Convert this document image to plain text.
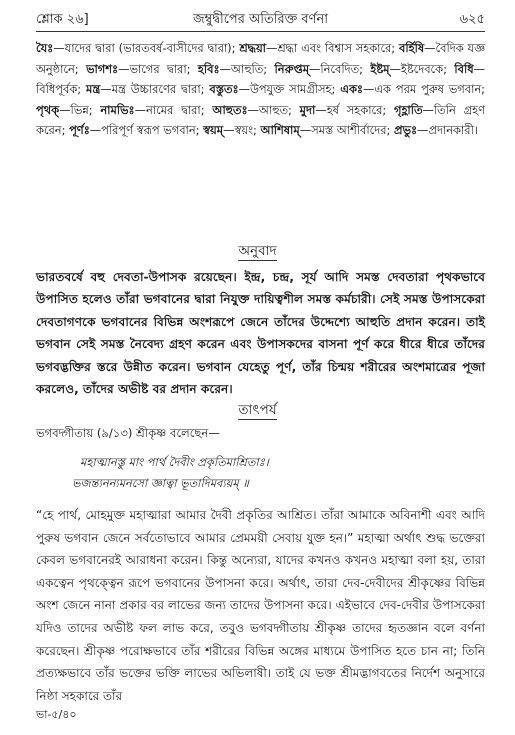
শ্লোক ২৬]	জম্বুদ্বীপের অতিরিক্ত বর্ণনা	৬২৫
যৈঃ—যাদের দ্বারা (ভারতবর্ষ-বাসীদের দ্বারা); শ্রদ্ধয়া—শ্রদ্ধা এবং বিশ্বাস সহকারে; বর্হিষি—বৈদিক যজ্ঞ অনুষ্ঠানে; ভাগশঃ—ভাগের দ্বারা; হবিঃ—আহুতি; নিরুপ্তম্—নিবেদিত; ইষ্টম্—ইষ্টদেবকে; বিধি—বিধিপূর্বক; মন্ত্র—মন্ত্র উচ্চারণের দ্বারা; বস্তুতঃ—উপযুক্ত সামগ্রীসহ; একঃ—এক পরম পুরুষ ভগবান; পৃথক্—ভিন্ন; নামভিঃ—নামের দ্বারা; আহুতঃ—আহুত; মুদা—হর্ষ সহকারে; গৃহ্ণাতি—তিনি গ্রহণ করেন; পূর্ণঃ—পরিপূর্ণ স্বরূপ ভগবান; স্বয়ম্—স্বয়ং; আশিষাম্—সমস্ত আশীর্বাদের; প্রভুঃ—প্রদানকারী।
অনুবাদ
ভারতবর্ষে বহু দেবতা-উপাসক রয়েছেন। ইন্দ্র, চন্দ্র, সূর্য আদি সমস্ত দেবতারা পৃথকভাবে উপাসিত হলেও তাঁরা ভগবানের দ্বারা নিযুক্ত দায়িত্বশীল সমস্ত কর্মচারী। সেই সমস্ত উপাসকেরা দেবতাগণকে ভগবানের বিভিন্ন অংশরূপে জেনে তাঁদের উদ্দেশ্যে আহুতি প্রদান করেন। তাই ভগবান সেই সমস্ত নৈবেদ্য গ্রহণ করেন এবং উপাসকদের বাসনা পূর্ণ করে ধীরে ধীরে তাঁদের ভগবদ্ভক্তির স্তরে উন্নীত করেন। ভগবান যেহেতু পূর্ণ, তাঁর চিন্ময় শরীরের অংশমাত্রের পূজা করলেও, তাঁদের অভীষ্ট বর প্রদান করেন।
তাৎপর্য
ভগবদ্গীতায় (৯/১৩) শ্রীকৃষ্ণ বলেছেন—
মহাত্মানস্তু মাং পার্থ দৈবীং প্রকৃতিমাশ্রিতাঃ।
ভজন্ত্যনন্যমনসো জ্ঞাত্বা ভূতাদিমব্যয়ম্ ॥
“হে পার্থ, মোহমুক্ত মহাত্মারা আমার দৈবী প্রকৃতির আশ্রিত। তাঁরা আমাকে অবিনাশী এবং আদি পুরুষ ভগবান জেনে সর্বতোভাবে আমার প্রেমময়ী সেবায় যুক্ত হন।” মহাত্মা অর্থাৎ শুদ্ধ ভক্তেরা কেবল ভগবানেরই আরাধনা করেন। কিন্তু অন্যেরা, যাদের কখনও কখনও মহাত্মা বলা হয়, তারা একত্বেন পৃথক্ত্বেন রূপে ভগবানের উপাসনা করে। অর্থাৎ, তারা দেব-দেবীদের শ্রীকৃষ্ণের বিভিন্ন অংশ জেনে নানা প্রকার বর লাভের জন্য তাদের উপাসনা করে। এইভাবে দেব-দেবীর উপাসকেরা যদিও তাদের অভীষ্ট ফল লাভ করে, তবুও ভগবদ্গীতায় শ্রীকৃষ্ণ তাদের হৃতজ্ঞান বলে বর্ণনা করেছেন। শ্রীকৃষ্ণ পরোক্ষভাবে তাঁর শরীরের বিভিন্ন অঙ্গের মাধ্যমে উপাসিত হতে চান না; তিনি প্রত্যক্ষভাবে তাঁর ভক্তের ভক্তি লাভের অভিলাষী। তাই যে ভক্ত শ্রীমদ্ভাগবতের নির্দেশ অনুসারে নিষ্ঠা সহকারে তাঁর
ভা-৫/৪০
